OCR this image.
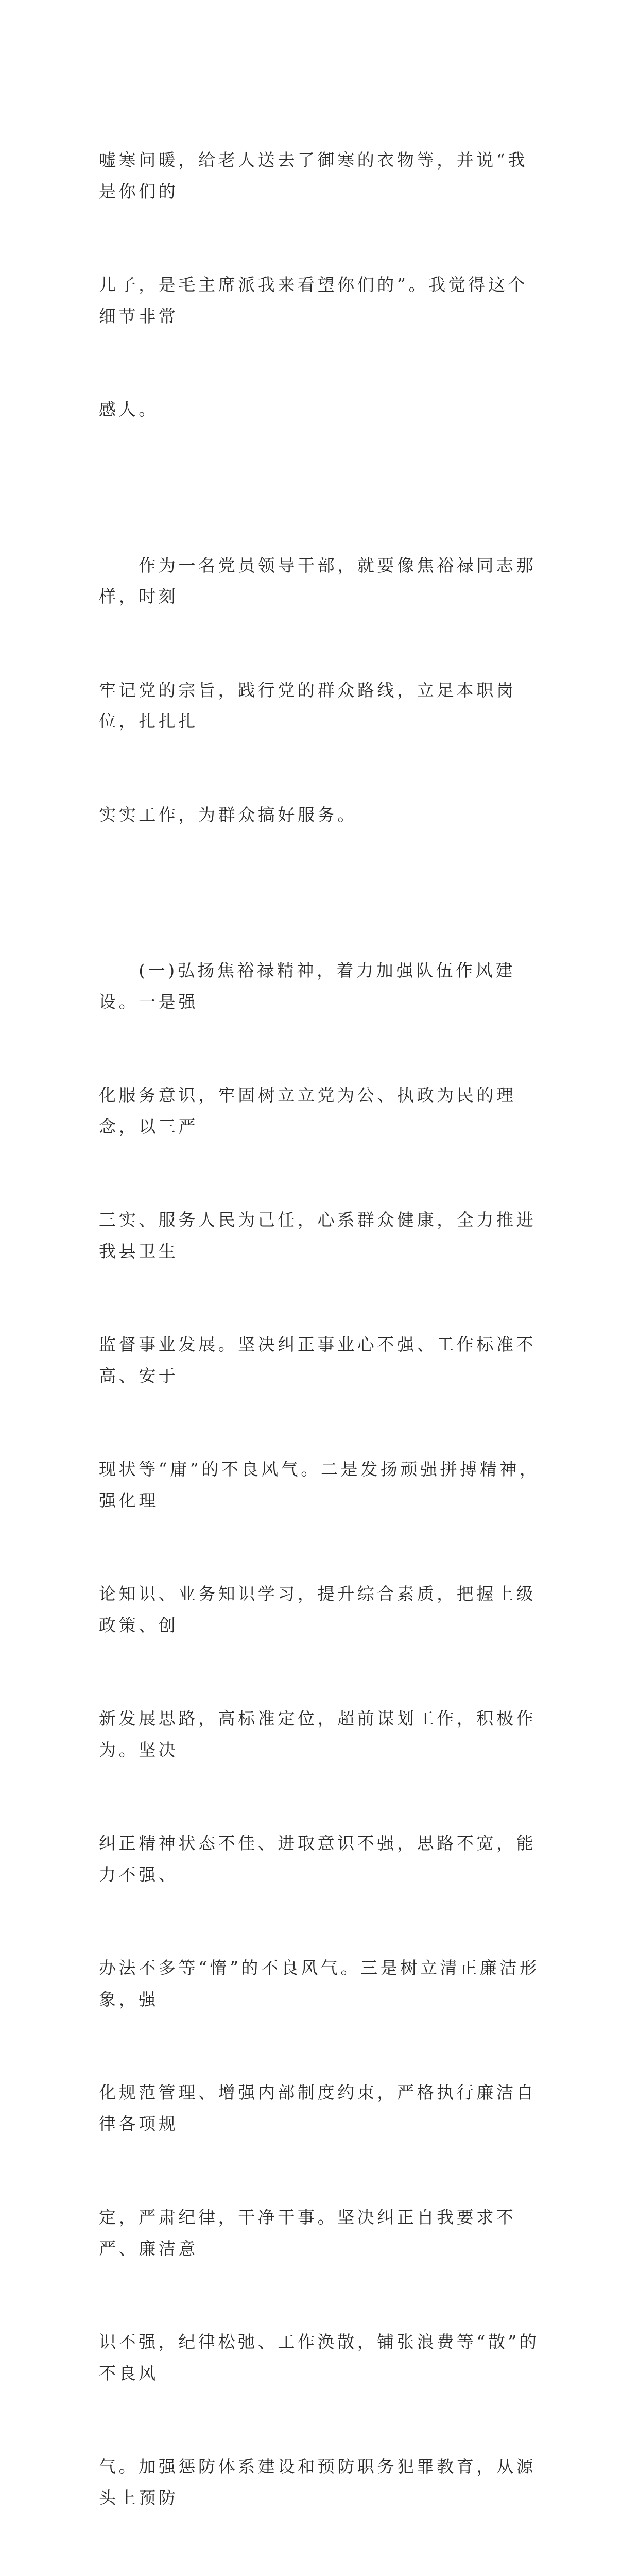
嘘寒问暖，给老人送去了御寒的衣物等，并说“我是你们的

儿子，是毛主席派我来看望你们的”。我觉得这个细节非常

感人。

　　作为一名党员领导干部，就要像焦裕禄同志那样，时刻

牢记党的宗旨，践行党的群众路线，立足本职岗位，扎扎扎

实实工作，为群众搞好服务。

　　(一)弘扬焦裕禄精神，着力加强队伍作风建设。一是强

化服务意识，牢固树立立党为公、执政为民的理念，以三严

三实、服务人民为己任，心系群众健康，全力推进我县卫生

监督事业发展。坚决纠正事业心不强、工作标准不高、安于

现状等“庸”的不良风气。二是发扬顽强拼搏精神，强化理

论知识、业务知识学习，提升综合素质，把握上级政策、创

新发展思路，高标准定位，超前谋划工作，积极作为。坚决

纠正精神状态不佳、进取意识不强，思路不宽，能力不强、

办法不多等“惰”的不良风气。三是树立清正廉洁形象，强

化规范管理、增强内部制度约束，严格执行廉洁自律各项规

定，严肃纪律，干净干事。坚决纠正自我要求不严、廉洁意

识不强，纪律松弛、工作涣散，铺张浪费等“散”的不良风

气。加强惩防体系建设和预防职务犯罪教育，从源头上预防
